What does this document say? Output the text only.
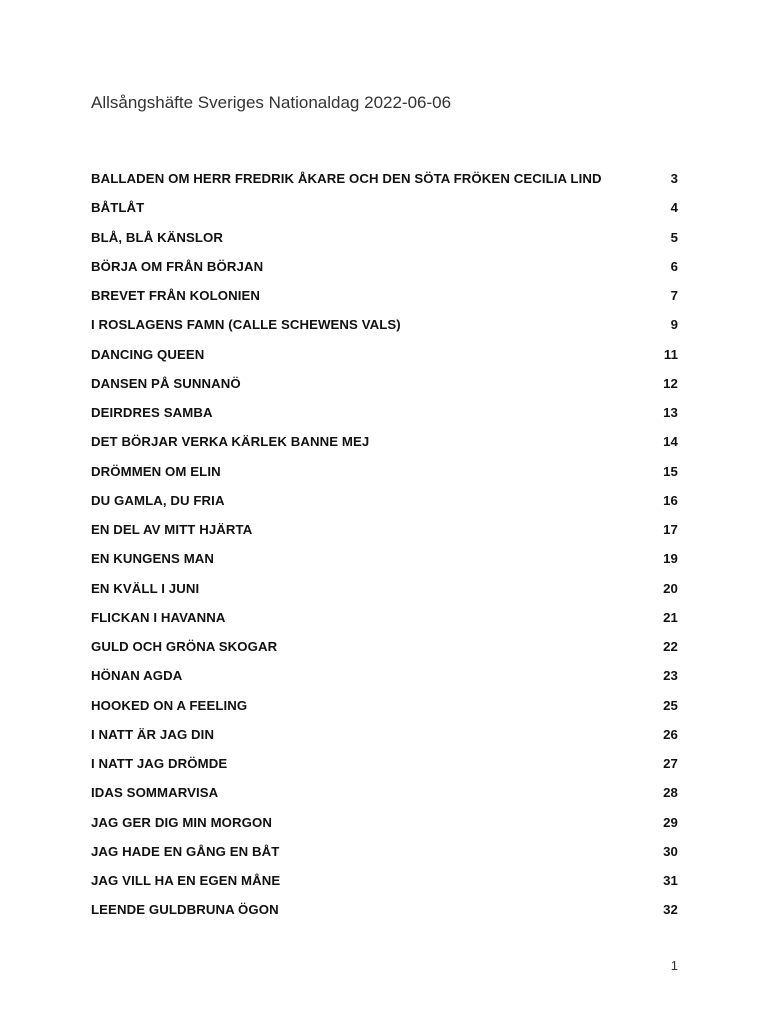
Allsångshäfte Sveriges Nationaldag 2022-06-06
BALLADEN OM HERR FREDRIK ÅKARE OCH DEN SÖTA FRÖKEN CECILIA LIND	3
BÅTLÅT	4
BLÅ, BLÅ KÄNSLOR	5
BÖRJA OM FRÅN BÖRJAN	6
BREVET FRÅN KOLONIEN	7
I ROSLAGENS FAMN (CALLE SCHEWENS VALS)	9
DANCING QUEEN	11
DANSEN PÅ SUNNANÖ	12
DEIRDRES SAMBA	13
DET BÖRJAR VERKA KÄRLEK BANNE MEJ	14
DRÖMMEN OM ELIN	15
DU GAMLA, DU FRIA	16
EN DEL AV MITT HJÄRTA	17
EN KUNGENS MAN	19
EN KVÄLL I JUNI	20
FLICKAN I HAVANNA	21
GULD OCH GRÖNA SKOGAR	22
HÖNAN AGDA	23
HOOKED ON A FEELING	25
I NATT ÄR JAG DIN	26
I NATT JAG DRÖMDE	27
IDAS SOMMARVISA	28
JAG GER DIG MIN MORGON	29
JAG HADE EN GÅNG EN BÅT	30
JAG VILL HA EN EGEN MÅNE	31
LEENDE GULDBRUNA ÖGON	32
1
